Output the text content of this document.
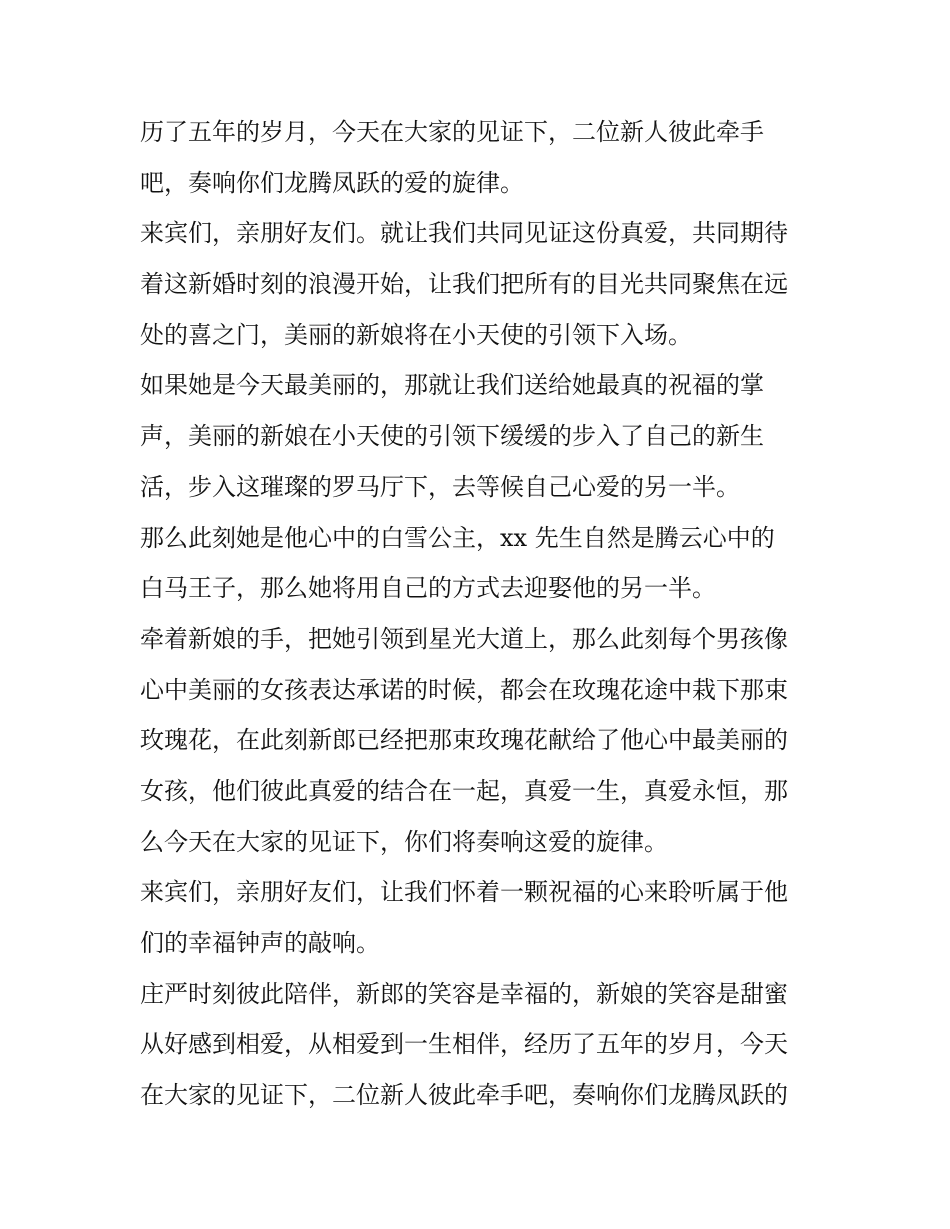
历了五年的岁月，今天在大家的见证下，二位新人彼此牵手
吧，奏响你们龙腾凤跃的爱的旋律。
来宾们，亲朋好友们。就让我们共同见证这份真爱，共同期待
着这新婚时刻的浪漫开始，让我们把所有的目光共同聚焦在远
处的喜之门，美丽的新娘将在小天使的引领下入场。
如果她是今天最美丽的，那就让我们送给她最真的祝福的掌
声，美丽的新娘在小天使的引领下缓缓的步入了自己的新生
活，步入这璀璨的罗马厅下，去等候自己心爱的另一半。
那么此刻她是他心中的白雪公主，xx 先生自然是腾云心中的
白马王子，那么她将用自己的方式去迎娶他的另一半。
牵着新娘的手，把她引领到星光大道上，那么此刻每个男孩像
心中美丽的女孩表达承诺的时候，都会在玫瑰花途中栽下那束
玫瑰花，在此刻新郎已经把那束玫瑰花献给了他心中最美丽的
女孩，他们彼此真爱的结合在一起，真爱一生，真爱永恒，那
么今天在大家的见证下，你们将奏响这爱的旋律。
来宾们，亲朋好友们，让我们怀着一颗祝福的心来聆听属于他
们的幸福钟声的敲响。
庄严时刻彼此陪伴，新郎的笑容是幸福的，新娘的笑容是甜蜜
从好感到相爱，从相爱到一生相伴，经历了五年的岁月，今天
在大家的见证下，二位新人彼此牵手吧，奏响你们龙腾凤跃的
